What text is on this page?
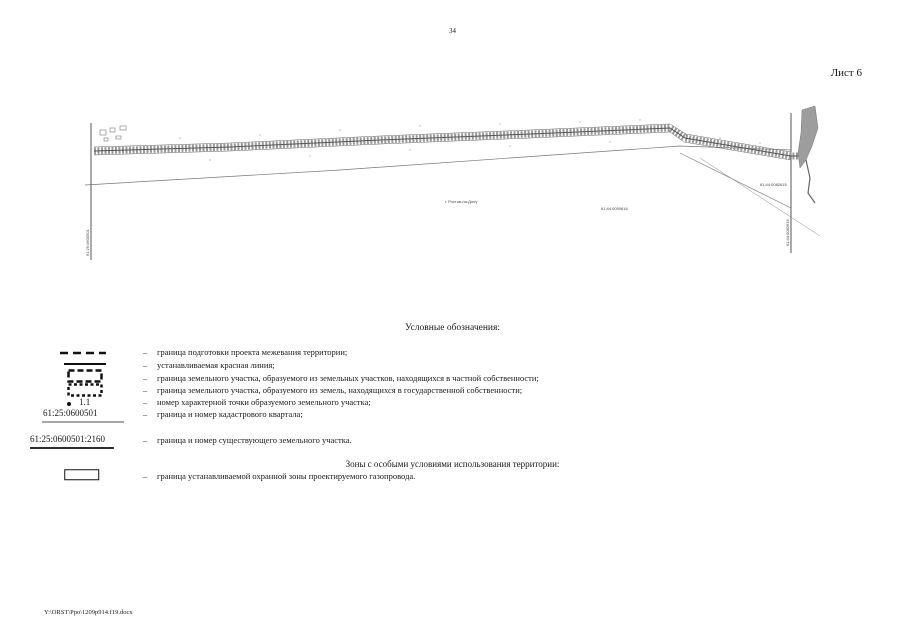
34
Лист 6
г. Ростов-на-Дону
61:44:0050616
61:44:0082615
61:25:0600501	61:44:0082615
Условные обозначения:
–	граница подготовки проекта межевания территории;
–	устанавливаемая красная линия;
–	граница земельного участка, образуемого из земельных участков, находящихся в частной собственности;
–	граница земельного участка, образуемого из земель, находящихся в государственной собственности;
1.1	–	номер характерной точки образуемого земельного участка;
61:25:0600501	–	граница и номер кадастрового квартала;
61:25:0600501:2160	–	граница и номер существующего земельного участка.
Зоны с особыми условиями использования территории:
–	граница устанавливаемой охранной зоны проектируемого газопровода.
Y:\ORST\Ppo\1209p914.f19.docx
